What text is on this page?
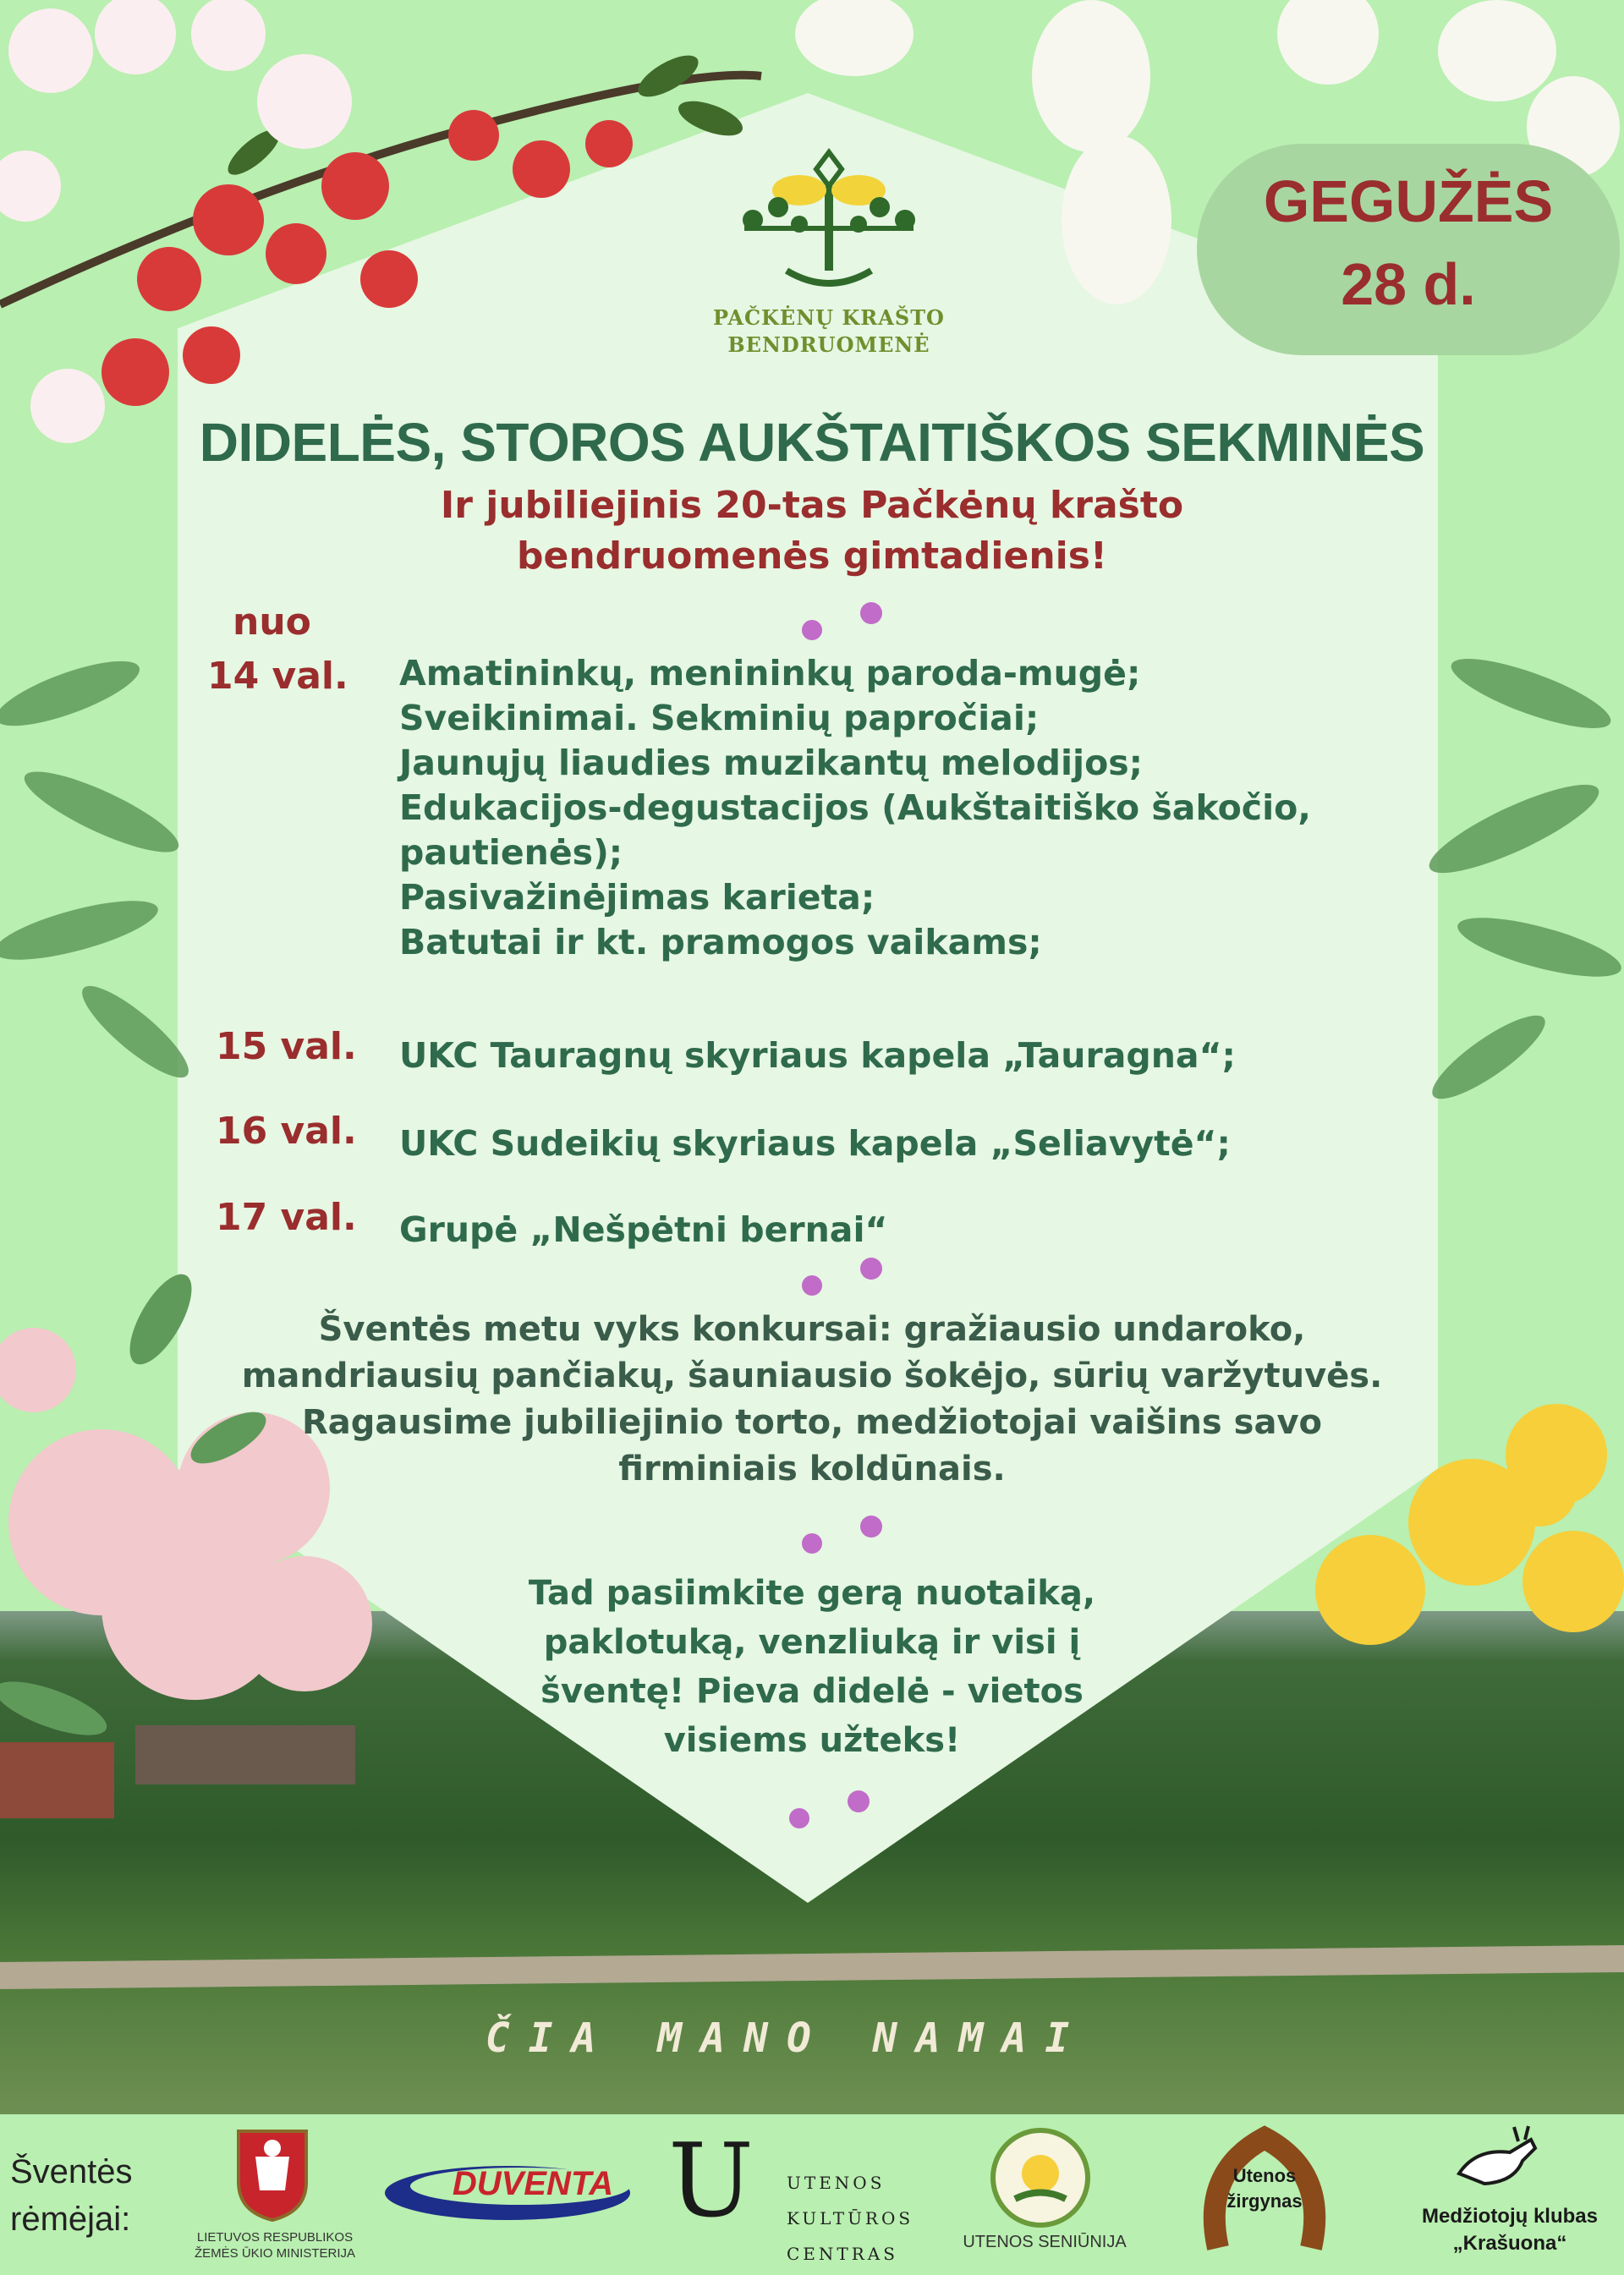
ČIA MANO NAMAI
PAČKĖNŲ KRAŠTO
BENDRUOMENĖ
GEGUŽĖS
28 d.
DIDELĖS, STOROS AUKŠTAITIŠKOS SEKMINĖS
Ir jubiliejinis 20-tas Pačkėnų krašto
bendruomenės gimtadienis!
nuo
14 val. Amatininkų, menininkų paroda-mugė;
Sveikinimai. Sekminių papročiai;
Jaunųjų liaudies muzikantų melodijos;
Edukacijos-degustacijos (Aukštaitiško šakočio,
pautienės);
Pasivažinėjimas karieta;
Batutai ir kt. pramogos vaikams;
15 val. UKC Tauragnų skyriaus kapela „Tauragna“;
16 val. UKC Sudeikių skyriaus kapela „Seliavytė“;
17 val. Grupė „Nešpėtni bernai“
Šventės metu vyks konkursai: gražiausio undaroko,
mandriausių pančiakų, šauniausio šokėjo, sūrių varžytuvės.
Ragausime jubiliejinio torto, medžiotojai vaišins savo
firminiais koldūnais.
Tad pasiimkite gerą nuotaiką,
paklotuką, venzliuką ir visi į
šventę! Pieva didelė - vietos
visiems užteks!
Šventės
rėmėjai:	LIETUVOS RESPUBLIKOS
ŽEMĖS ŪKIO MINISTERIJA
DUVENTA U UTENOS
KULTŪROS
CENTRAS
UTENOS SENIŪNIJA
Utenos
žirgynas
Medžiotojų klubas
„Krašuona“
